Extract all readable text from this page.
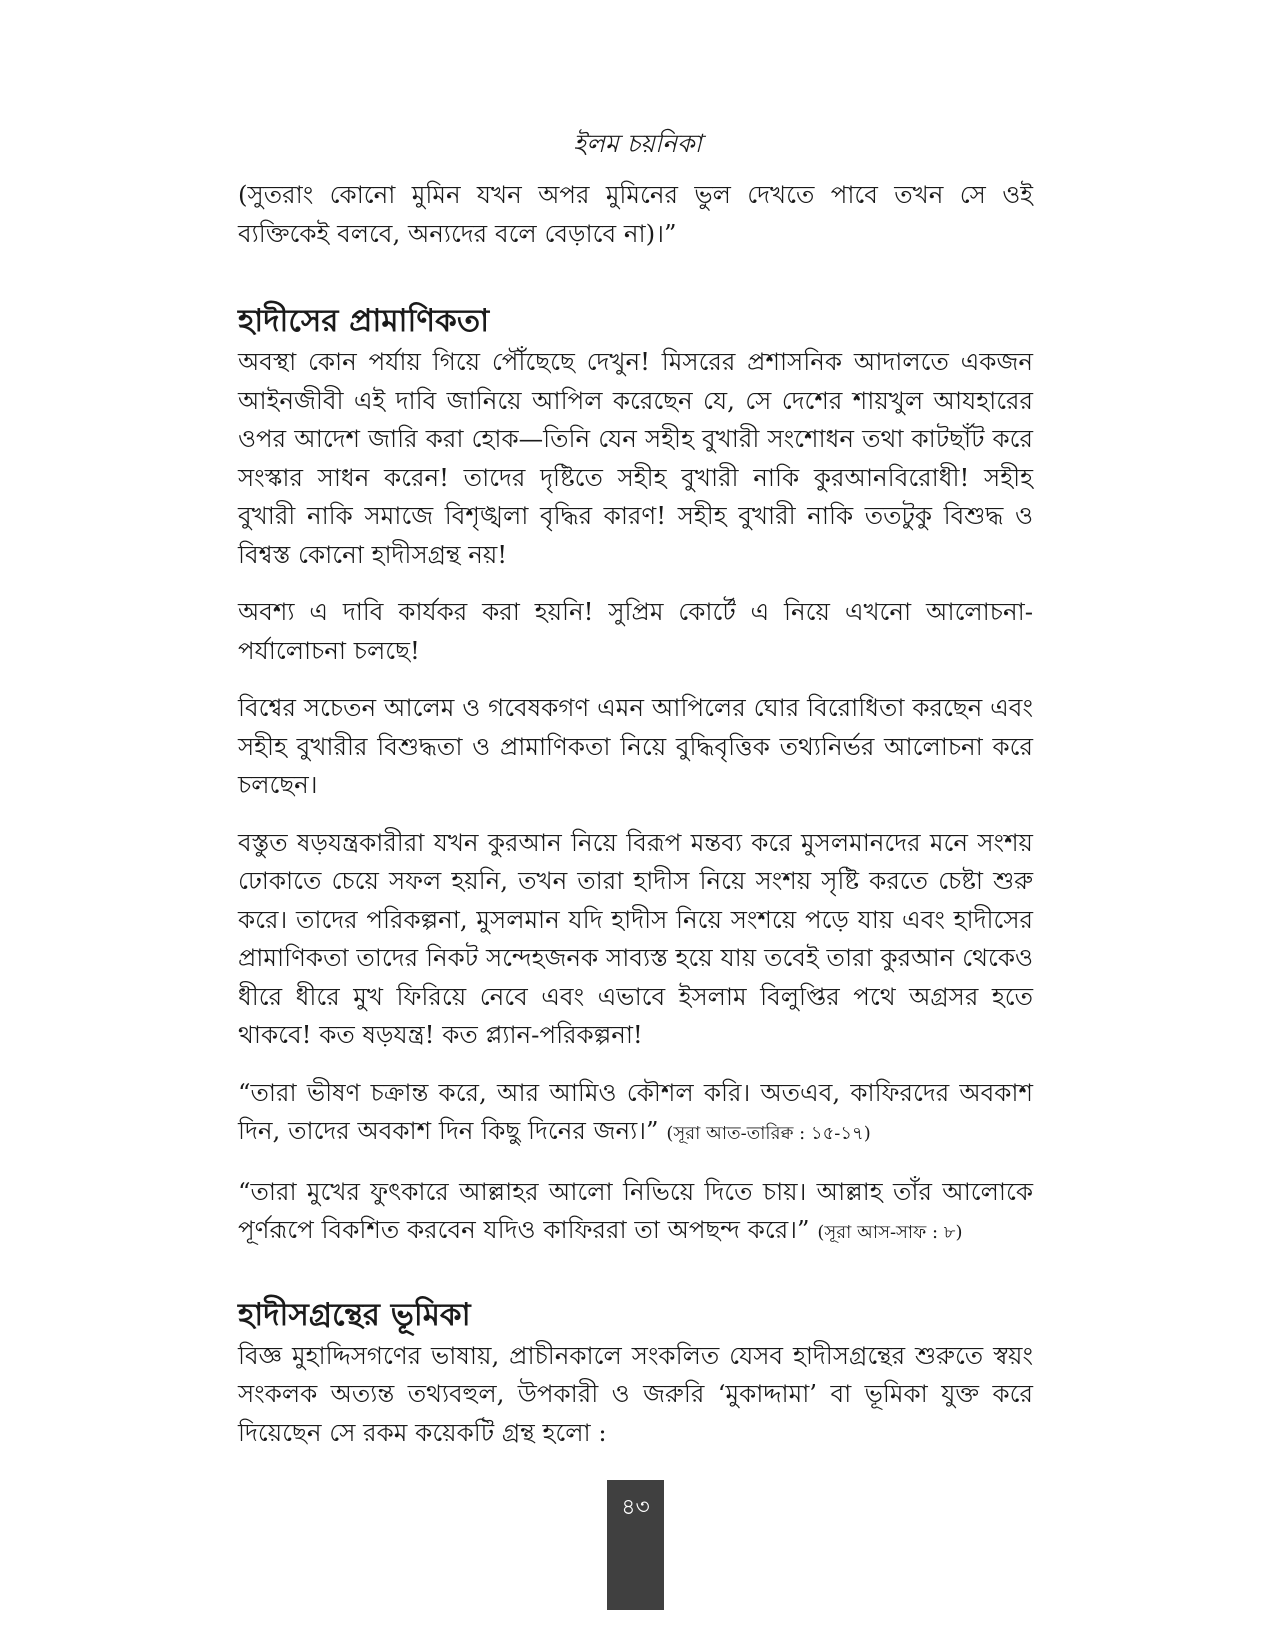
ইলম চয়নিকা

(সুতরাং কোনো মুমিন যখন অপর মুমিনের ভুল দেখতে পাবে তখন সে ওই ব্যক্তিকেই বলবে, অন্যদের বলে বেড়াবে না)।”

হাদীসের প্রামাণিকতা

অবস্থা কোন পর্যায় গিয়ে পৌঁছেছে দেখুন! মিসরের প্রশাসনিক আদালতে একজন আইনজীবী এই দাবি জানিয়ে আপিল করেছেন যে, সে দেশের শায়খুল আযহারের ওপর আদেশ জারি করা হোক—তিনি যেন সহীহ বুখারী সংশোধন তথা কাটছাঁট করে সংস্কার সাধন করেন! তাদের দৃষ্টিতে সহীহ বুখারী নাকি কুরআনবিরোধী! সহীহ বুখারী নাকি সমাজে বিশৃঙ্খলা বৃদ্ধির কারণ! সহীহ বুখারী নাকি ততটুকু বিশুদ্ধ ও বিশ্বস্ত কোনো হাদীসগ্রন্থ নয়!

অবশ্য এ দাবি কার্যকর করা হয়নি! সুপ্রিম কোর্টে এ নিয়ে এখনো আলোচনা-পর্যালোচনা চলছে!

বিশ্বের সচেতন আলেম ও গবেষকগণ এমন আপিলের ঘোর বিরোধিতা করছেন এবং সহীহ বুখারীর বিশুদ্ধতা ও প্রামাণিকতা নিয়ে বুদ্ধিবৃত্তিক তথ্যনির্ভর আলোচনা করে চলছেন।

বস্তুত ষড়যন্ত্রকারীরা যখন কুরআন নিয়ে বিরূপ মন্তব্য করে মুসলমানদের মনে সংশয় ঢোকাতে চেয়ে সফল হয়নি, তখন তারা হাদীস নিয়ে সংশয় সৃষ্টি করতে চেষ্টা শুরু করে। তাদের পরিকল্পনা, মুসলমান যদি হাদীস নিয়ে সংশয়ে পড়ে যায় এবং হাদীসের প্রামাণিকতা তাদের নিকট সন্দেহজনক সাব্যস্ত হয়ে যায় তবেই তারা কুরআন থেকেও ধীরে ধীরে মুখ ফিরিয়ে নেবে এবং এভাবে ইসলাম বিলুপ্তির পথে অগ্রসর হতে থাকবে! কত ষড়যন্ত্র! কত প্ল্যান-পরিকল্পনা!

“তারা ভীষণ চক্রান্ত করে, আর আমিও কৌশল করি। অতএব, কাফিরদের অবকাশ দিন, তাদের অবকাশ দিন কিছু দিনের জন্য।” (সূরা আত-তারিক্ব : ১৫-১৭)

“তারা মুখের ফুৎকারে আল্লাহর আলো নিভিয়ে দিতে চায়। আল্লাহ তাঁর আলোকে পূর্ণরূপে বিকশিত করবেন যদিও কাফিররা তা অপছন্দ করে।” (সূরা আস-সাফ : ৮)

হাদীসগ্রন্থের ভূমিকা

বিজ্ঞ মুহাদ্দিসগণের ভাষায়, প্রাচীনকালে সংকলিত যেসব হাদীসগ্রন্থের শুরুতে স্বয়ং সংকলক অত্যন্ত তথ্যবহুল, উপকারী ও জরুরি ‘মুকাদ্দামা’ বা ভূমিকা যুক্ত করে দিয়েছেন সে রকম কয়েকটি গ্রন্থ হলো :

৪৩
